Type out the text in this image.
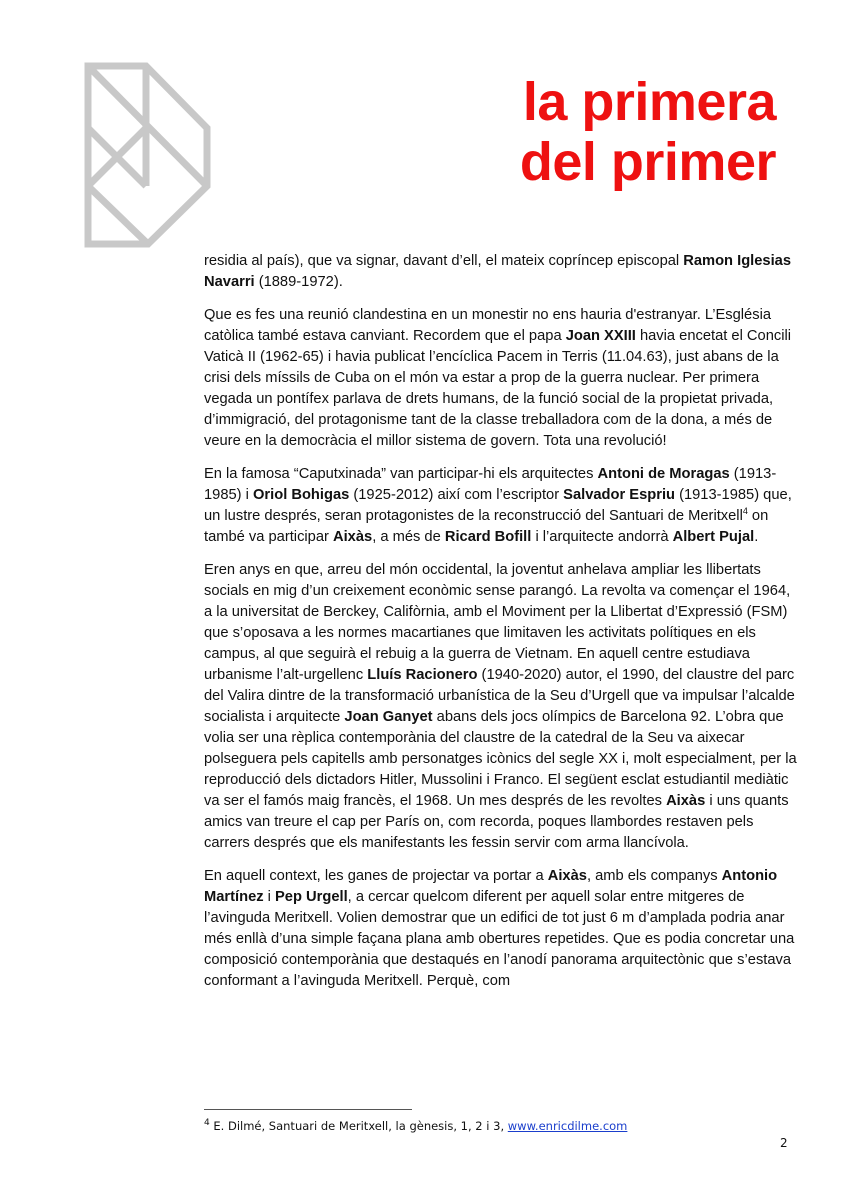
la primera
del primer

residia al país), que va signar, davant d’ell, el mateix copríncep episcopal Ramon Iglesias Navarri (1889-1972).

Que es fes una reunió clandestina en un monestir no ens hauria d'estranyar. L’Església catòlica també estava canviant. Recordem que el papa Joan XXIII havia encetat el Concili Vaticà II (1962-65) i havia publicat l’encíclica Pacem in Terris (11.04.63), just abans de la crisi dels míssils de Cuba on el món va estar a prop de la guerra nuclear. Per primera vegada un pontífex parlava de drets humans, de la funció social de la propietat privada, d’immigració, del protagonisme tant de la classe treballadora com de la dona, a més de veure en la democràcia el millor sistema de govern. Tota una revolució!

En la famosa “Caputxinada” van participar-hi els arquitectes Antoni de Moragas (1913-1985) i Oriol Bohigas (1925-2012) així com l’escriptor Salvador Espriu (1913-1985) que, un lustre després, seran protagonistes de la reconstrucció del Santuari de Meritxell$^4$ on també va participar Aixàs, a més de Ricard Bofill i l’arquitecte andorrà Albert Pujal.

Eren anys en que, arreu del món occidental, la joventut anhelava ampliar les llibertats socials en mig d’un creixement econòmic sense parangó. La revolta va començar el 1964, a la universitat de Berckey, Califòrnia, amb el Moviment per la Llibertat d’Expressió (FSM) que s’oposava a les normes macartianes que limitaven les activitats polítiques en els campus, al que seguirà el rebuig a la guerra de Vietnam. En aquell centre estudiava urbanisme l’alt-urgellenc Lluís Racionero (1940-2020) autor, el 1990, del claustre del parc del Valira dintre de la transformació urbanística de la Seu d’Urgell que va impulsar l’alcalde socialista i arquitecte Joan Ganyet abans dels jocs olímpics de Barcelona 92. L’obra que volia ser una rèplica contemporània del claustre de la catedral de la Seu va aixecar polseguera pels capitells amb personatges icònics del segle XX i, molt especialment, per la reproducció dels dictadors Hitler, Mussolini i Franco. El següent esclat estudiantil mediàtic va ser el famós maig francès, el 1968. Un mes després de les revoltes Aixàs i uns quants amics van treure el cap per París on, com recorda, poques llambordes restaven pels carrers després que els manifestants les fessin servir com arma llancívola.

En aquell context, les ganes de projectar va portar a Aixàs, amb els companys Antonio Martínez i Pep Urgell, a cercar quelcom diferent per aquell solar entre mitgeres de l’avinguda Meritxell. Volien demostrar que un edifici de tot just 6 m d’amplada podria anar més enllà d’una simple façana plana amb obertures repetides. Que es podia concretar una composició contemporània que destaqués en l’anodí panorama arquitectònic que s’estava conformant a l’avinguda Meritxell. Perquè, com

$^4$ E. Dilmé, Santuari de Meritxell, la gènesis, 1, 2 i 3, www.enricdilme.com
2
